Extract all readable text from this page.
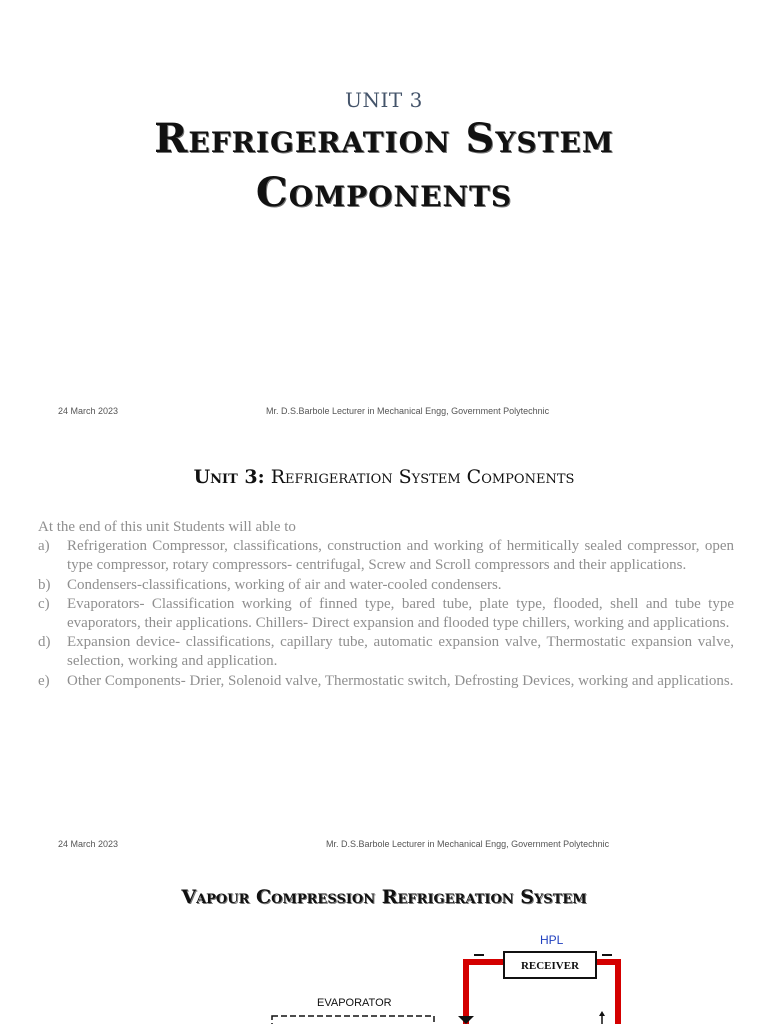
UNIT 3
Refrigeration System
Components
24 March 2023	Mr. D.S.Barbole Lecturer in Mechanical Engg, Government Polytechnic
Unit 3: Refrigeration System Components

At the end of this unit Students will able to

a) Refrigeration Compressor, classifications, construction and working of hermitically sealed compressor, open type compressor, rotary compressors- centrifugal, Screw and Scroll compressors and their applications.
b) Condensers-classifications, working of air and water-cooled condensers.
c) Evaporators- Classification working of finned type, bared tube, plate type, flooded, shell and tube type evaporators, their applications. Chillers- Direct expansion and flooded type chillers, working and applications.
d) Expansion device- classifications, capillary tube, automatic expansion valve, Thermostatic expansion valve, selection, working and application.
e) Other Components- Drier, Solenoid valve, Thermostatic switch, Defrosting Devices, working and applications.
24 March 2023	Mr. D.S.Barbole Lecturer in Mechanical Engg, Government Polytechnic
Vapour Compression Refrigeration System
HPL
RECEIVER
EVAPORATOR
